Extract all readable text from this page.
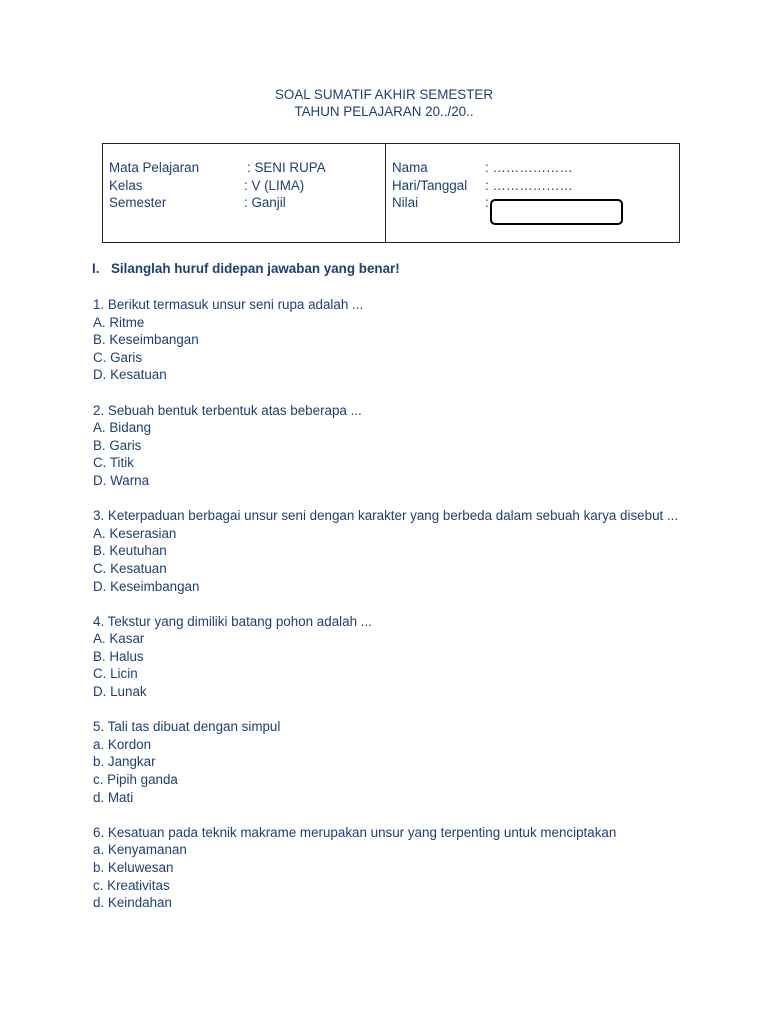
SOAL SUMATIF AKHIR SEMESTER
TAHUN PELAJARAN 20../20..
Mata Pelajaran	: SENI RUPA
Kelas	: V (LIMA)
Semester	: Ganjil
Nama	: ………………
Hari/Tanggal : ………………
Nilai	:
I. Silanglah huruf didepan jawaban yang benar!
1. Berikut termasuk unsur seni rupa adalah ...
A. Ritme
B. Keseimbangan
C. Garis
D. Kesatuan
2. Sebuah bentuk terbentuk atas beberapa ...
A. Bidang
B. Garis
C. Titik
D. Warna
3. Keterpaduan berbagai unsur seni dengan karakter yang berbeda dalam sebuah karya disebut ...
A. Keserasian
B. Keutuhan
C. Kesatuan
D. Keseimbangan
4. Tekstur yang dimiliki batang pohon adalah ...
A. Kasar
B. Halus
C. Licin
D. Lunak
5. Tali tas dibuat dengan simpul
a. Kordon
b. Jangkar
c. Pipih ganda
d. Mati
6. Kesatuan pada teknik makrame merupakan unsur yang terpenting untuk menciptakan
a. Kenyamanan
b. Keluwesan
c. Kreativitas
d. Keindahan
